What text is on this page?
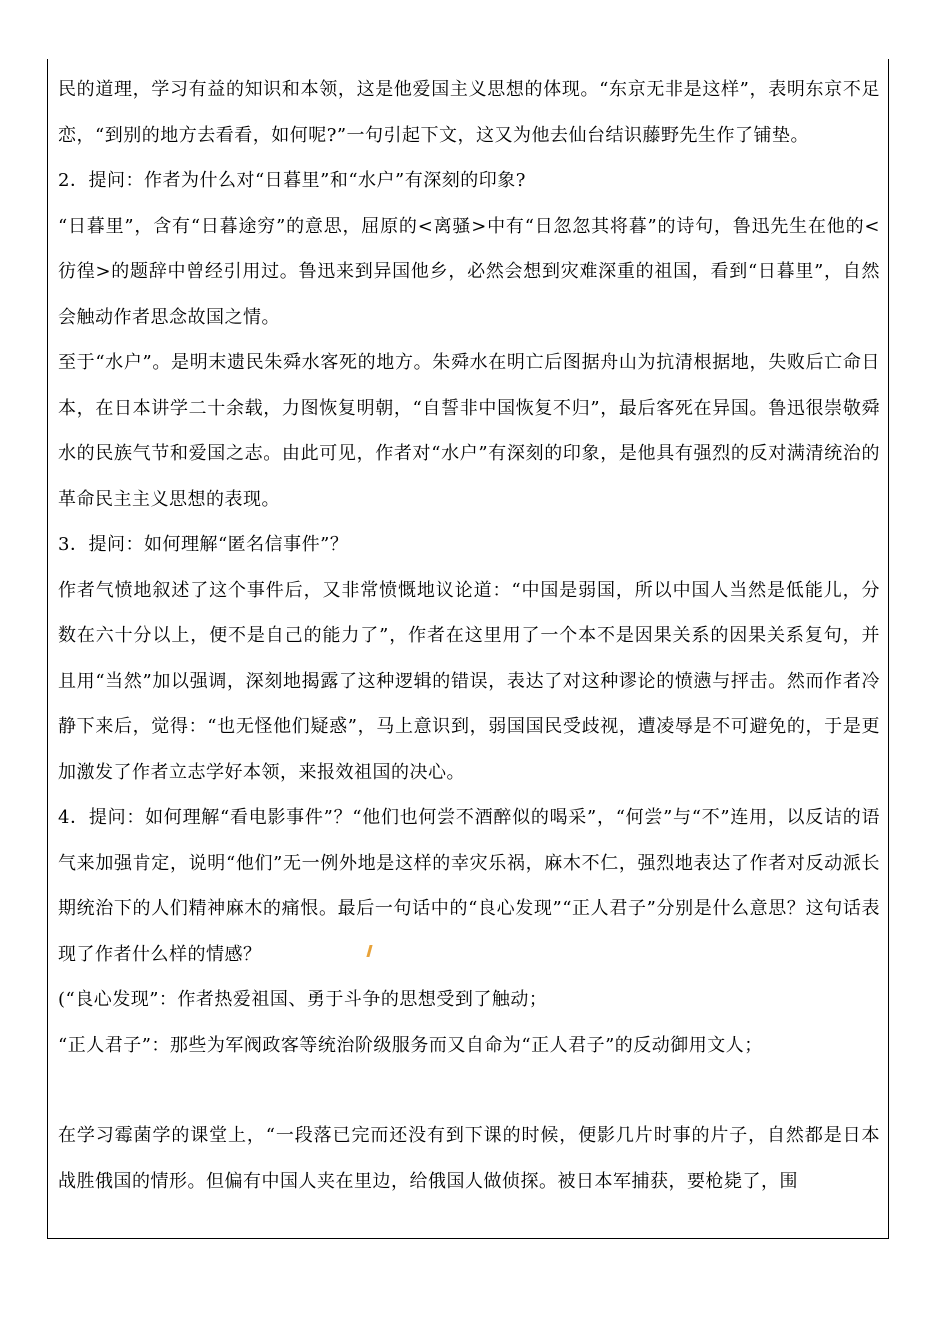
民的道理，学习有益的知识和本领，这是他爱国主义思想的体现。“东京无非是这样”，表明东京不足恋，“到别的地方去看看，如何呢?”一句引起下文，这又为他去仙台结识藤野先生作了铺垫。

2．提问：作者为什么对“日暮里”和“水户”有深刻的印象?

“日暮里”，含有“日暮途穷”的意思，屈原的<离骚>中有“日忽忽其将暮”的诗句，鲁迅先生在他的<彷徨>的题辞中曾经引用过。鲁迅来到异国他乡，必然会想到灾难深重的祖国，看到“日暮里”，自然会触动作者思念故国之情。

至于“水户”。是明末遗民朱舜水客死的地方。朱舜水在明亡后图据舟山为抗清根据地，失败后亡命日本，在日本讲学二十余载，力图恢复明朝，“自誓非中国恢复不归”，最后客死在异国。鲁迅很崇敬舜水的民族气节和爱国之志。由此可见，作者对“水户”有深刻的印象，是他具有强烈的反对满清统治的革命民主主义思想的表现。

3．提问：如何理解“匿名信事件”？

作者气愤地叙述了这个事件后，又非常愤慨地议论道：“中国是弱国，所以中国人当然是低能儿，分数在六十分以上，便不是自己的能力了”，作者在这里用了一个本不是因果关系的因果关系复句，并且用“当然”加以强调，深刻地揭露了这种逻辑的错误，表达了对这种谬论的愤懑与抨击。然而作者冷静下来后，觉得：“也无怪他们疑惑”，马上意识到，弱国国民受歧视，遭凌辱是不可避免的，于是更加激发了作者立志学好本领，来报效祖国的决心。

4．提问：如何理解“看电影事件”？“他们也何尝不酒醉似的喝采”，“何尝”与“不”连用，以反诘的语气来加强肯定，说明“他们”无一例外地是这样的幸灾乐祸，麻木不仁，强烈地表达了作者对反动派长期统治下的人们精神麻木的痛恨。最后一句话中的“良心发现”“正人君子”分别是什么意思？这句话表现了作者什么样的情感？

(“良心发现”：作者热爱祖国、勇于斗争的思想受到了触动；

“正人君子”：那些为军阀政客等统治阶级服务而又自命为“正人君子”的反动御用文人；

在学习霉菌学的课堂上，“一段落已完而还没有到下课的时候，便影几片时事的片子，自然都是日本战胜俄国的情形。但偏有中国人夹在里边，给俄国人做侦探。被日本军捕获，要枪毙了，围
